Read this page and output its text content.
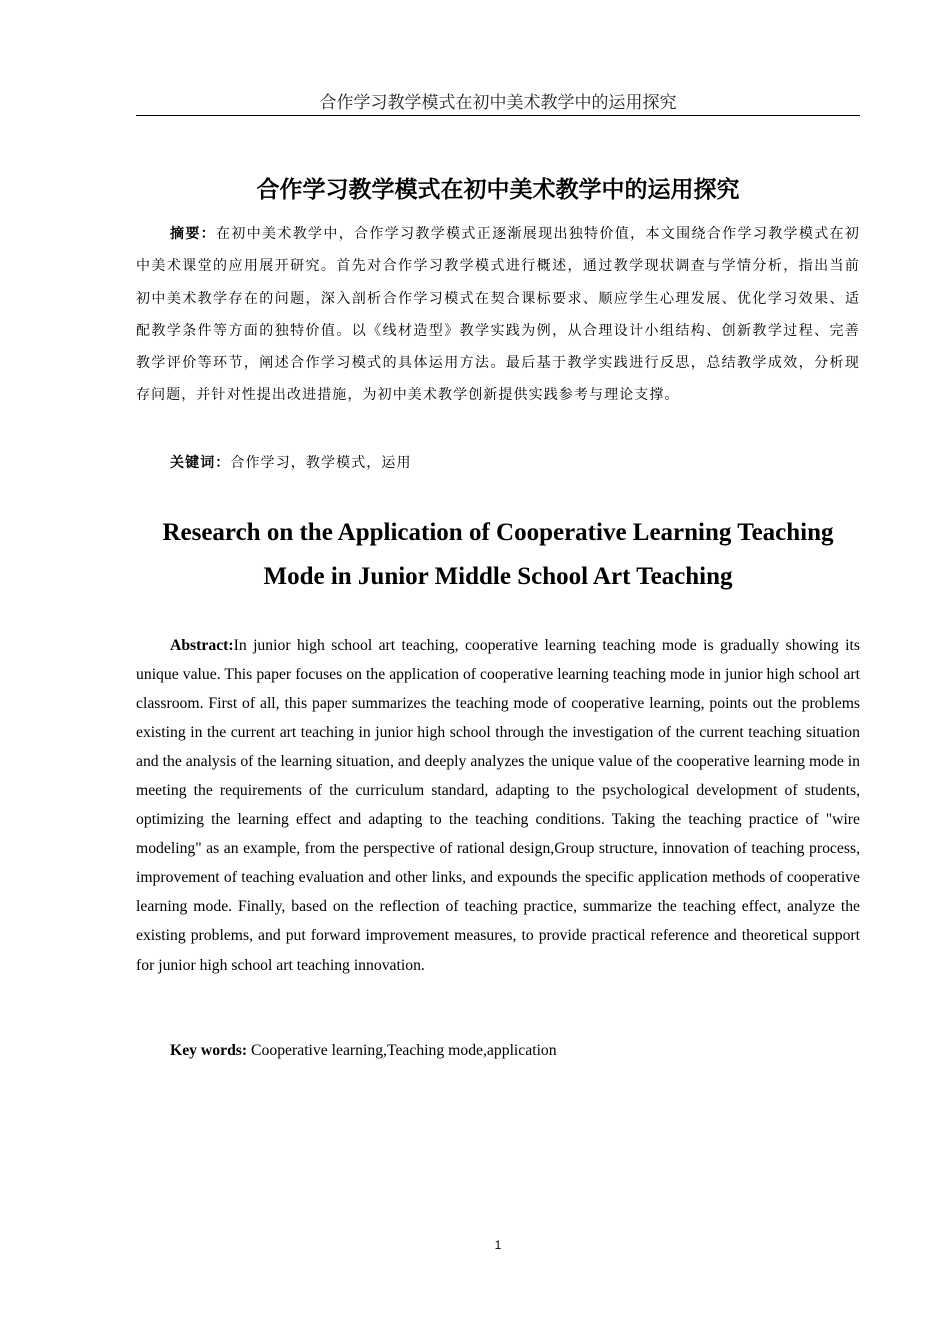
合作学习教学模式在初中美术教学中的运用探究
合作学习教学模式在初中美术教学中的运用探究

摘要：在初中美术教学中，合作学习教学模式正逐渐展现出独特价值，本文围绕合作学习教学模式在初中美术课堂的应用展开研究。首先对合作学习教学模式进行概述，通过教学现状调查与学情分析，指出当前初中美术教学存在的问题，深入剖析合作学习模式在契合课标要求、顺应学生心理发展、优化学习效果、适配教学条件等方面的独特价值。以《线材造型》教学实践为例，从合理设计小组结构、创新教学过程、完善教学评价等环节，阐述合作学习模式的具体运用方法。最后基于教学实践进行反思，总结教学成效，分析现存问题，并针对性提出改进措施，为初中美术教学创新提供实践参考与理论支撑。

关键词：合作学习，教学模式，运用

Research on the Application of Cooperative Learning Teaching Mode in Junior Middle School Art Teaching

Abstract:In junior high school art teaching, cooperative learning teaching mode is gradually showing its unique value. This paper focuses on the application of cooperative learning teaching mode in junior high school art classroom. First of all, this paper summarizes the teaching mode of cooperative learning, points out the problems existing in the current art teaching in junior high school through the investigation of the current teaching situation and the analysis of the learning situation, and deeply analyzes the unique value of the cooperative learning mode in meeting the requirements of the curriculum standard, adapting to the psychological development of students, optimizing the learning effect and adapting to the teaching conditions. Taking the teaching practice of "wire modeling" as an example, from the perspective of rational design,Group structure, innovation of teaching process, improvement of teaching evaluation and other links, and expounds the specific application methods of cooperative learning mode. Finally, based on the reflection of teaching practice, summarize the teaching effect, analyze the existing problems, and put forward improvement measures, to provide practical reference and theoretical support for junior high school art teaching innovation.

Key words: Cooperative learning,Teaching mode,application

1
